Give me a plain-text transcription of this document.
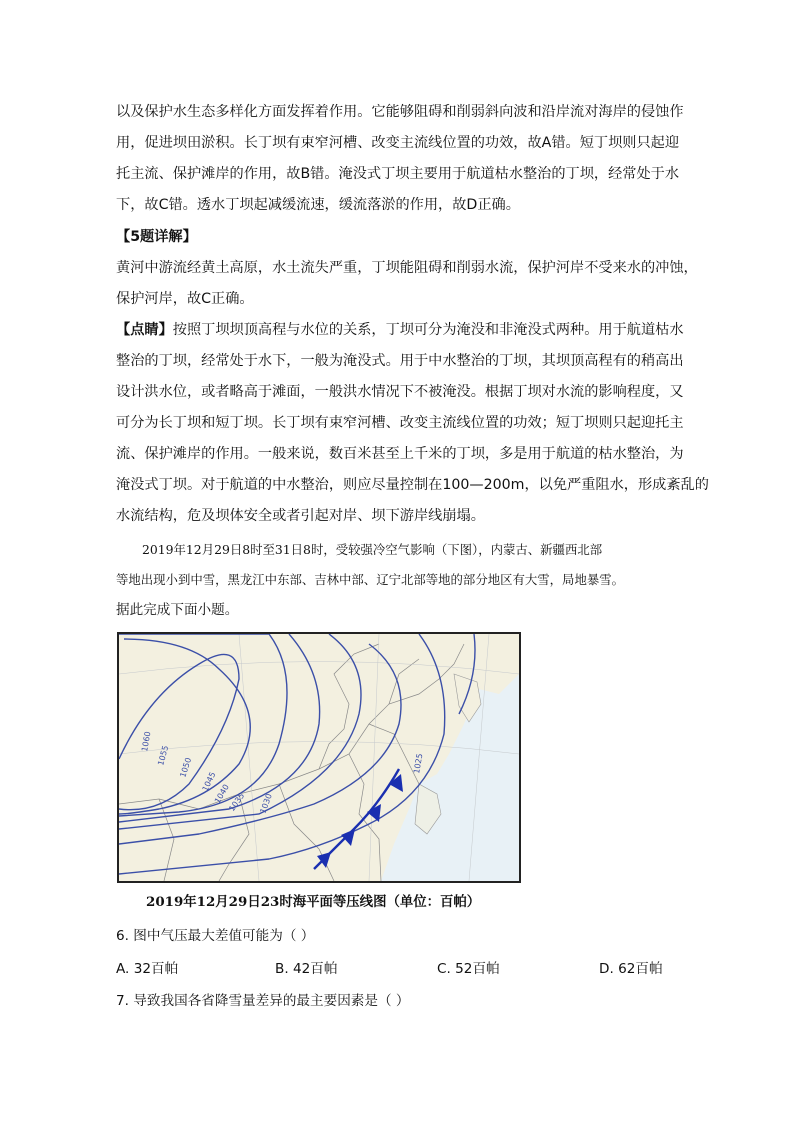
以及保护水生态多样化方面发挥着作用。它能够阻碍和削弱斜向波和沿岸流对海岸的侵蚀作
用，促进坝田淤积。长丁坝有束窄河槽、改变主流线位置的功效，故A错。短丁坝则只起迎
托主流、保护滩岸的作用，故B错。淹没式丁坝主要用于航道枯水整治的丁坝，经常处于水
下，故C错。透水丁坝起减缓流速，缓流落淤的作用，故D正确。
【5题详解】
黄河中游流经黄土高原，水土流失严重，丁坝能阻碍和削弱水流，保护河岸不受来水的冲蚀，
保护河岸，故C正确。
【点睛】按照丁坝坝顶高程与水位的关系，丁坝可分为淹没和非淹没式两种。用于航道枯水
整治的丁坝，经常处于水下，一般为淹没式。用于中水整治的丁坝，其坝顶高程有的稍高出
设计洪水位，或者略高于滩面，一般洪水情况下不被淹没。根据丁坝对水流的影响程度，又
可分为长丁坝和短丁坝。长丁坝有束窄河槽、改变主流线位置的功效；短丁坝则只起迎托主
流、保护滩岸的作用。一般来说，数百米甚至上千米的丁坝，多是用于航道的枯水整治，为
淹没式丁坝。对于航道的中水整治，则应尽量控制在100—200m，以免严重阻水，形成紊乱的
水流结构，危及坝体安全或者引起对岸、坝下游岸线崩塌。
2019年12月29日8时至31日8时，受较强冷空气影响（下图），内蒙古、新疆西北部
等地出现小到中雪，黑龙江中东部、吉林中部、辽宁北部等地的部分地区有大雪，局地暴雪。
据此完成下面小题。
1060
1055
1050
1045
1040
1035 1030
1025
2019年12月29日23时海平面等压线图（单位：百帕）
6. 图中气压最大差值可能为（ ）
A. 32百帕	B. 42百帕	C. 52百帕	D. 62百帕
7. 导致我国各省降雪量差异的最主要因素是（ ）
